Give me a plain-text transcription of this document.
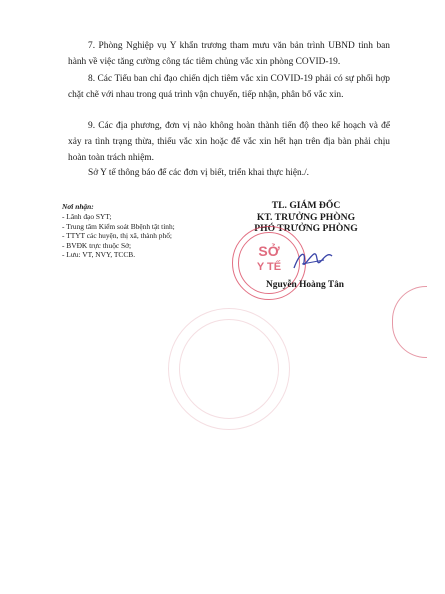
7. Phòng Nghiệp vụ Y khẩn trương tham mưu văn bản trình UBND tỉnh ban hành về việc tăng cường công tác tiêm chủng vắc xin phòng COVID-19.

8. Các Tiểu ban chỉ đạo chiến dịch tiêm vắc xin COVID-19 phải có sự phối hợp chặt chẽ với nhau trong quá trình vận chuyển, tiếp nhận, phân bổ vắc xin.

9. Các địa phương, đơn vị nào không hoàn thành tiến độ theo kế hoạch và để xảy ra tình trạng thừa, thiếu vắc xin hoặc để vắc xin hết hạn trên địa bàn phải chịu hoàn toàn trách nhiệm.

Sở Y tế thông báo để các đơn vị biết, triển khai thực hiện./.

Nơi nhận:
- Lãnh đạo SYT;
- Trung tâm Kiểm soát Bbệnh tật tỉnh;
- TTYT các huyện, thị xã, thành phố;
- BVĐK trực thuộc Sở;
- Lưu: VT, NVY, TCCB.
TL. GIÁM ĐỐC
KT. TRƯỞNG PHÒNG
PHÓ TRƯỞNG PHÒNG
SỞ
Y TẾ
Nguyễn Hoàng Tân
